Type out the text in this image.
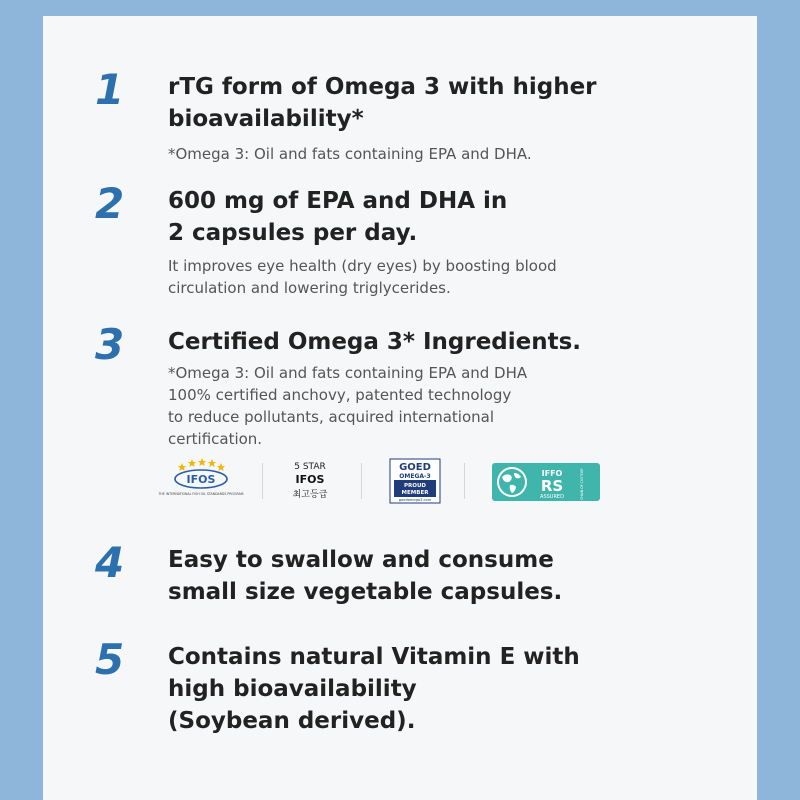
1 rTG form of Omega 3 with higher
bioavailability*
*Omega 3: Oil and fats containing EPA and DHA.
2 600 mg of EPA and DHA in
2 capsules per day.
It improves eye health (dry eyes) by boosting blood
circulation and lowering triglycerides.
3 Certified Omega 3* Ingredients.
*Omega 3: Oil and fats containing EPA and DHA
100% certified anchovy, patented technology
to reduce pollutants, acquired international
certification.
IFOS
THE INTERNATIONAL FISH OIL STANDARDS PROGRAM
5 STAR
IFOS
최고등급
GOED
OMEGA-3
PROUD
MEMBER
goedomega3.com
IFFO
RS
ASSURED	CHAIN OF CUSTODY
4 Easy to swallow and consume
small size vegetable capsules.
5 Contains natural Vitamin E with
high bioavailability
(Soybean derived).
